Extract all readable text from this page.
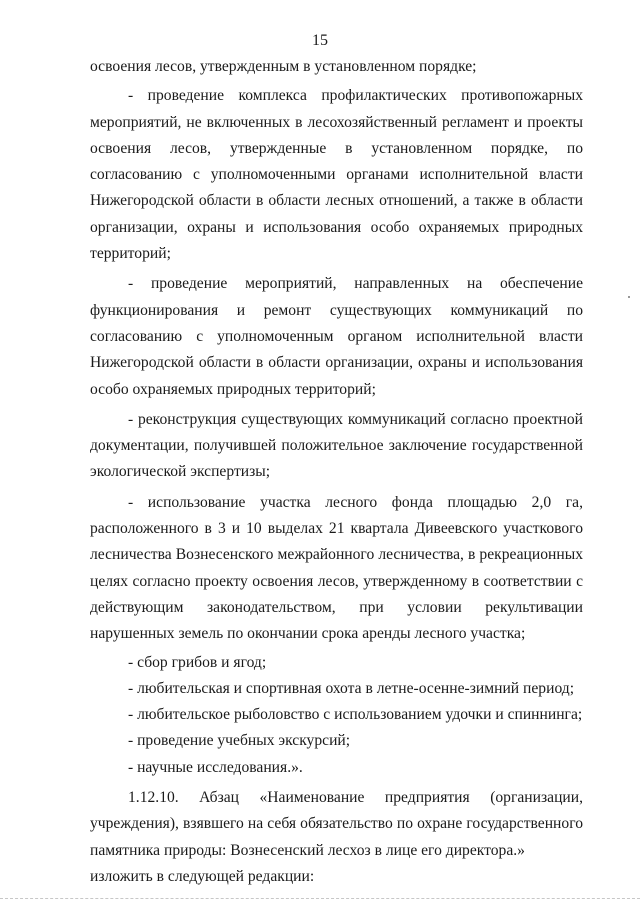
15

освоения лесов, утвержденным в установленном порядке;

- проведение комплекса профилактических противопожарных мероприятий, не включенных в лесохозяйственный регламент и проекты освоения лесов, утвержденные в установленном порядке, по согласованию с уполномоченными органами исполнительной власти Нижегородской области в области лесных отношений, а также в области организации, охраны и использования особо охраняемых природных территорий;

- проведение мероприятий, направленных на обеспечение функционирования и ремонт существующих коммуникаций по согласованию с уполномоченным органом исполнительной власти Нижегородской области в области организации, охраны и использования особо охраняемых природных территорий;

- реконструкция существующих коммуникаций согласно проектной документации, получившей положительное заключение государственной экологической экспертизы;

- использование участка лесного фонда площадью 2,0 га, расположенного в 3 и 10 выделах 21 квартала Дивеевского участкового лесничества Вознесенского межрайонного лесничества, в рекреационных целях согласно проекту освоения лесов, утвержденному в соответствии с действующим законодательством, при условии рекультивации нарушенных земель по окончании срока аренды лесного участка;

- сбор грибов и ягод;

- любительская и спортивная охота в летне-осенне-зимний период;

- любительское рыболовство с использованием удочки и спиннинга;

- проведение учебных экскурсий;

- научные исследования.».

1.12.10. Абзац «Наименование предприятия (организации, учреждения), взявшего на себя обязательство по охране государственного памятника природы: Вознесенский лесхоз в лице его директора.»

изложить в следующей редакции:
